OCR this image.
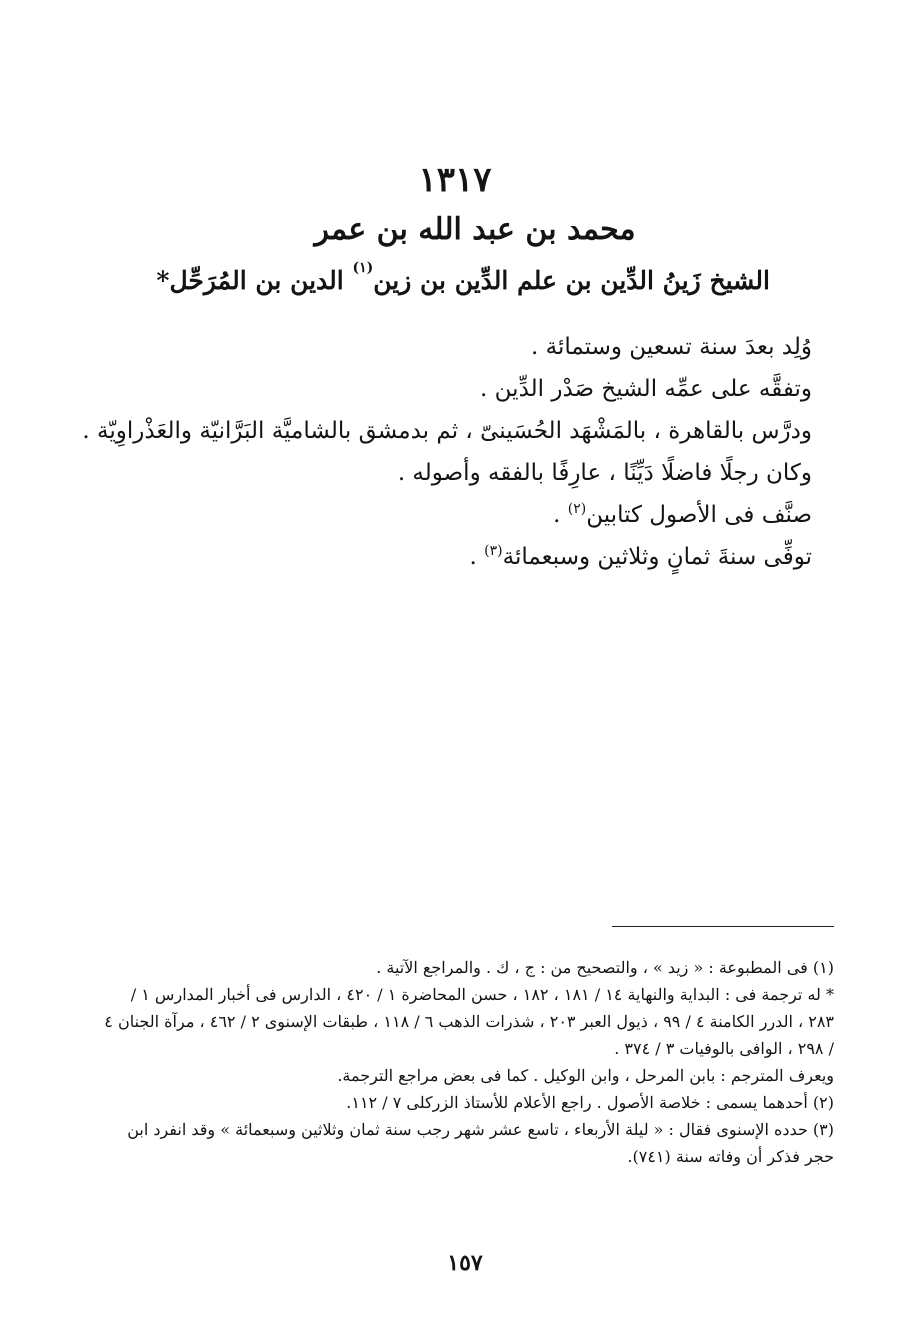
١٣١٧
محمد بن عبد الله بن عمر
الشيخ زَينُ الدِّين بن علم الدِّين بن زين$^{(١)}$ الدين بن المُرَحِّل*

وُلِد بعدَ سنة تسعين وستمائة .

وتفقَّه على عمِّه الشيخ صَدْر الدِّين .

ودرَّس بالقاهرة ، بالمَشْهَد الحُسَينىّ ، ثم بدمشق بالشاميَّة البَرَّانيّة والعَذْراوِيّة .

وكان رجلًا فاضلًا دَيِّنًا ، عارِفًا بالفقه وأصوله .

صنَّف فى الأصول كتابين$^{(٢)}$ .

توفِّى سنةَ ثمانٍ وثلاثين وسبعمائة$^{(٣)}$ .

(١) فى المطبوعة : « زيد » ، والتصحيح من : ج ، ك . والمراجع الآتية .

* له ترجمة فى : البداية والنهاية ١٤ / ١٨١ ، ١٨٢ ، حسن المحاضرة ١ / ٤٢٠ ، الدارس فى أخبار المدارس ١ / ٢٨٣ ، الدرر الكامنة ٤ / ٩٩ ، ذيول العبر ٢٠٣ ، شذرات الذهب ٦ / ١١٨ ، طبقات الإسنوى ٢ / ٤٦٢ ، مرآة الجنان ٤ / ٢٩٨ ، الوافى بالوفيات ٣ / ٣٧٤ .

ويعرف المترجم : بابن المرحل ، وابن الوكيل . كما فى بعض مراجع الترجمة.

(٢) أحدهما يسمى : خلاصة الأصول . راجع الأعلام للأستاذ الزركلى ٧ / ١١٢.

(٣) حدده الإسنوى فقال : « ليلة الأربعاء ، تاسع عشر شهر رجب سنة ثمان وثلاثين وسبعمائة » وقد انفرد ابن حجر فذكر أن وفاته سنة (٧٤١).

١٥٧
